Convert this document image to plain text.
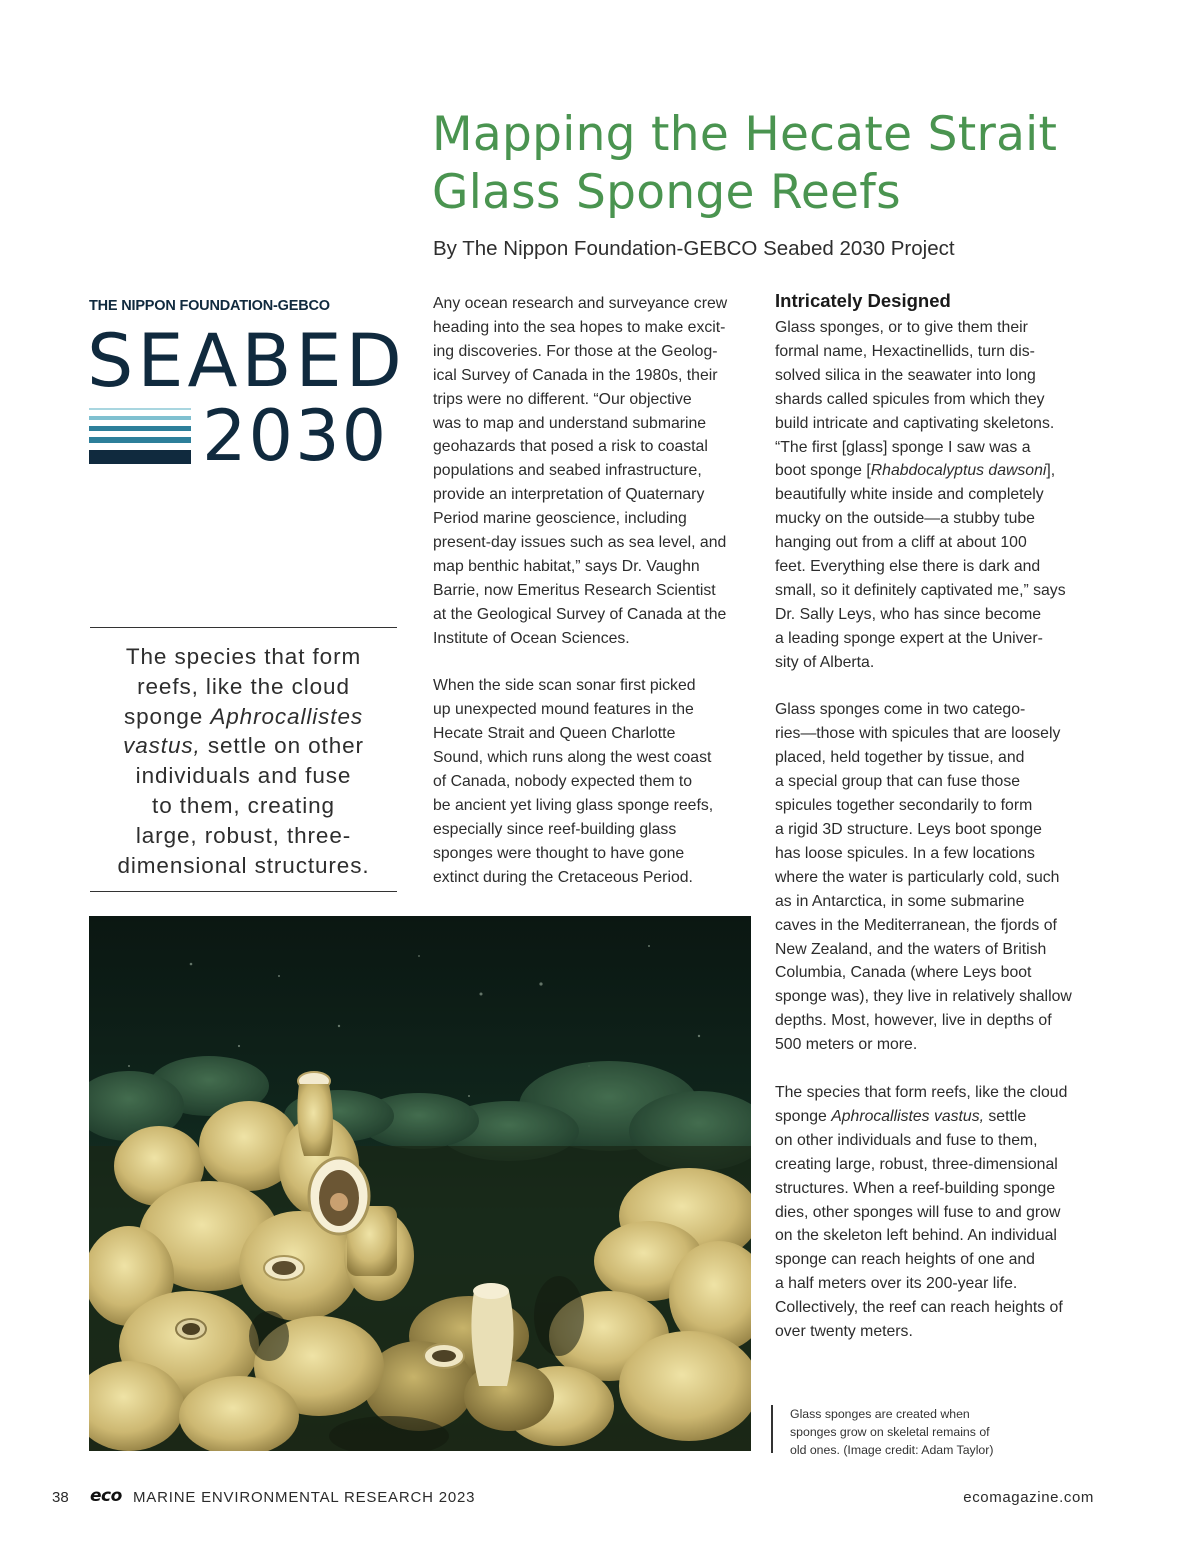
Mapping the Hecate Strait
Glass Sponge Reefs
By The Nippon Foundation-GEBCO Seabed 2030 Project
THE NIPPON FOUNDATION-GEBCO
SEABED
2030
The species that form
reefs, like the cloud
sponge Aphrocallistes
vastus, settle on other
individuals and fuse
to them, creating
large, robust, three-
dimensional structures.
Any ocean research and surveyance crew
heading into the sea hopes to make excit-
ing discoveries. For those at the Geolog-
ical Survey of Canada in the 1980s, their
trips were no different. “Our objective
was to map and understand submarine
geohazards that posed a risk to coastal
populations and seabed infrastructure,
provide an interpretation of Quaternary
Period marine geoscience, including
present-day issues such as sea level, and
map benthic habitat,” says Dr. Vaughn
Barrie, now Emeritus Research Scientist
at the Geological Survey of Canada at the
Institute of Ocean Sciences.
When the side scan sonar first picked
up unexpected mound features in the
Hecate Strait and Queen Charlotte
Sound, which runs along the west coast
of Canada, nobody expected them to
be ancient yet living glass sponge reefs,
especially since reef-building glass
sponges were thought to have gone
extinct during the Cretaceous Period.
Intricately Designed
Glass sponges, or to give them their
formal name, Hexactinellids, turn dis-
solved silica in the seawater into long
shards called spicules from which they
build intricate and captivating skeletons.
“The first [glass] sponge I saw was a
boot sponge [Rhabdocalyptus dawsoni],
beautifully white inside and completely
mucky on the outside—a stubby tube
hanging out from a cliff at about 100
feet. Everything else there is dark and
small, so it definitely captivated me,” says
Dr. Sally Leys, who has since become
a leading sponge expert at the Univer-
sity of Alberta.
Glass sponges come in two catego-
ries—those with spicules that are loosely
placed, held together by tissue, and
a special group that can fuse those
spicules together secondarily to form
a rigid 3D structure. Leys boot sponge
has loose spicules. In a few locations
where the water is particularly cold, such
as in Antarctica, in some submarine
caves in the Mediterranean, the fjords of
New Zealand, and the waters of British
Columbia, Canada (where Leys boot
sponge was), they live in relatively shallow
depths. Most, however, live in depths of
500 meters or more.
The species that form reefs, like the cloud
sponge Aphrocallistes vastus, settle
on other individuals and fuse to them,
creating large, robust, three-dimensional
structures. When a reef-building sponge
dies, other sponges will fuse to and grow
on the skeleton left behind. An individual
sponge can reach heights of one and
a half meters over its 200-year life.
Collectively, the reef can reach heights of
over twenty meters.
Glass sponges are created when
sponges grow on skeletal remains of
old ones. (Image credit: Adam Taylor)
38 eco MARINE ENVIRONMENTAL RESEARCH 2023	ecomagazine.com
